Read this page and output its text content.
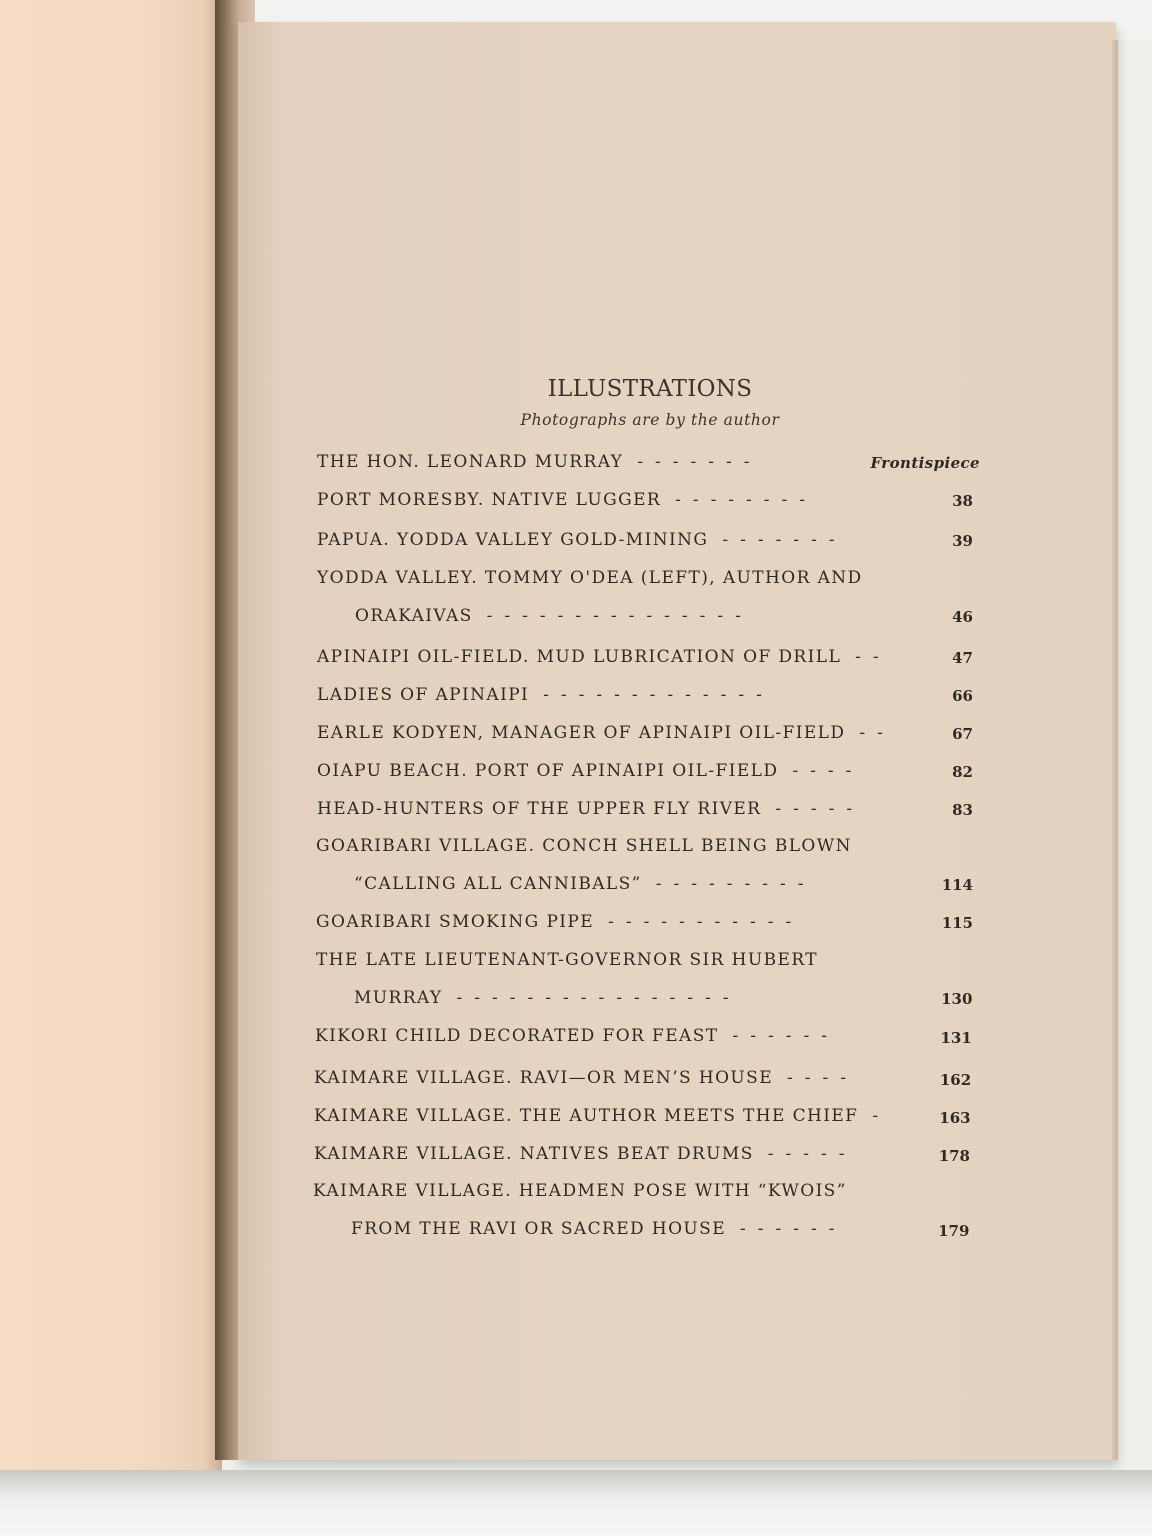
ILLUSTRATIONS
Photographs are by the author
THE HON. LEONARD MURRAY -------	Frontispiece
PORT MORESBY. NATIVE LUGGER --------	38
PAPUA. YODDA VALLEY GOLD-MINING -------	39
YODDA VALLEY. TOMMY O'DEA (LEFT), AUTHOR AND
ORAKAIVAS ---------------	46
APINAIPI OIL-FIELD. MUD LUBRICATION OF DRILL --	47
LADIES OF APINAIPI -------------	66
EARLE KODYEN, MANAGER OF APINAIPI OIL-FIELD --	67
OIAPU BEACH. PORT OF APINAIPI OIL-FIELD ----	82
HEAD-HUNTERS OF THE UPPER FLY RIVER -----	83
GOARIBARI VILLAGE. CONCH SHELL BEING BLOWN
“CALLING ALL CANNIBALS” ---------	114
GOARIBARI SMOKING PIPE -----------	115
THE LATE LIEUTENANT-GOVERNOR SIR HUBERT
MURRAY ----------------	130
KIKORI CHILD DECORATED FOR FEAST ------	131
KAIMARE VILLAGE. RAVI—OR MEN’S HOUSE ----	162
KAIMARE VILLAGE. THE AUTHOR MEETS THE CHIEF -	163
KAIMARE VILLAGE. NATIVES BEAT DRUMS -----	178
KAIMARE VILLAGE. HEADMEN POSE WITH “KWOIS”
FROM THE RAVI OR SACRED HOUSE ------	179
